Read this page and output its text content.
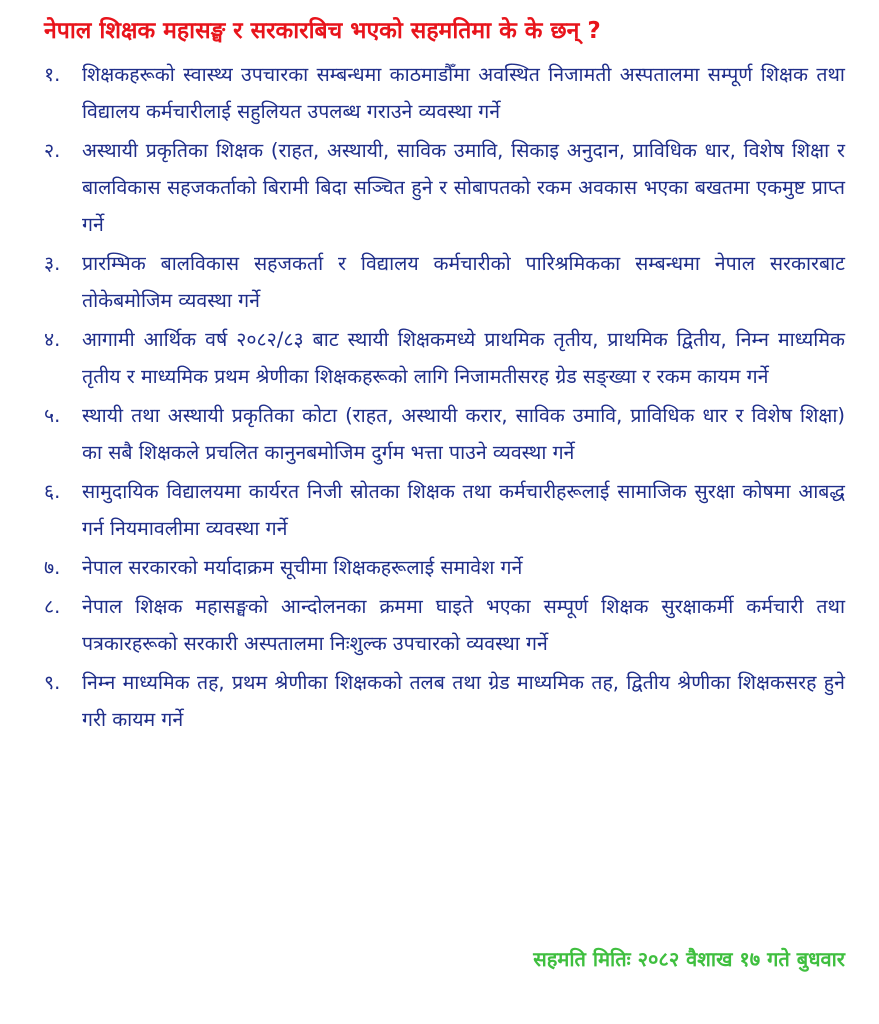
नेपाल शिक्षक महासङ्घ र सरकारबिच भएको सहमतिमा के के छन् ?
१.	शिक्षकहरूको स्वास्थ्य उपचारका सम्बन्धमा काठमाडौँमा अवस्थित निजामती अस्पतालमा सम्पूर्ण शिक्षक तथा विद्यालय कर्मचारीलाई सहुलियत उपलब्ध गराउने व्यवस्था गर्ने
२.	अस्थायी प्रकृतिका शिक्षक (राहत, अस्थायी, साविक उमावि, सिकाइ अनुदान, प्राविधिक धार, विशेष शिक्षा र बालविकास सहजकर्ताको बिरामी बिदा सञ्चित हुने र सोबापतको रकम अवकास भएका बखतमा एकमुष्ट प्राप्त गर्ने
३.	प्रारम्भिक बालविकास सहजकर्ता र विद्यालय कर्मचारीको पारिश्रमिकका सम्बन्धमा नेपाल सरकारबाट तोकेबमोजिम व्यवस्था गर्ने
४.	आगामी आर्थिक वर्ष २०८२/८३ बाट स्थायी शिक्षकमध्ये प्राथमिक तृतीय, प्राथमिक द्वितीय, निम्न माध्यमिक तृतीय र माध्यमिक प्रथम श्रेणीका शिक्षकहरूको लागि निजामतीसरह ग्रेड सङ्ख्या र रकम कायम गर्ने
५.	स्थायी तथा अस्थायी प्रकृतिका कोटा (राहत, अस्थायी करार, साविक उमावि, प्राविधिक धार र विशेष शिक्षा) का सबै शिक्षकले प्रचलित कानुनबमोजिम दुर्गम भत्ता पाउने व्यवस्था गर्ने
६.	सामुदायिक विद्यालयमा कार्यरत निजी स्रोतका शिक्षक तथा कर्मचारीहरूलाई सामाजिक सुरक्षा कोषमा आबद्ध गर्न नियमावलीमा व्यवस्था गर्ने
७.	नेपाल सरकारको मर्यादाक्रम सूचीमा शिक्षकहरूलाई समावेश गर्ने
८.	नेपाल शिक्षक महासङ्घको आन्दोलनका क्रममा घाइते भएका सम्पूर्ण शिक्षक सुरक्षाकर्मी कर्मचारी तथा पत्रकारहरूको सरकारी अस्पतालमा निःशुल्क उपचारको व्यवस्था गर्ने
९.	निम्न माध्यमिक तह, प्रथम श्रेणीका शिक्षकको तलब तथा ग्रेड माध्यमिक तह, द्वितीय श्रेणीका शिक्षकसरह हुने गरी कायम गर्ने
सहमति मितिः २०८२ वैशाख १७ गते बुधवार
